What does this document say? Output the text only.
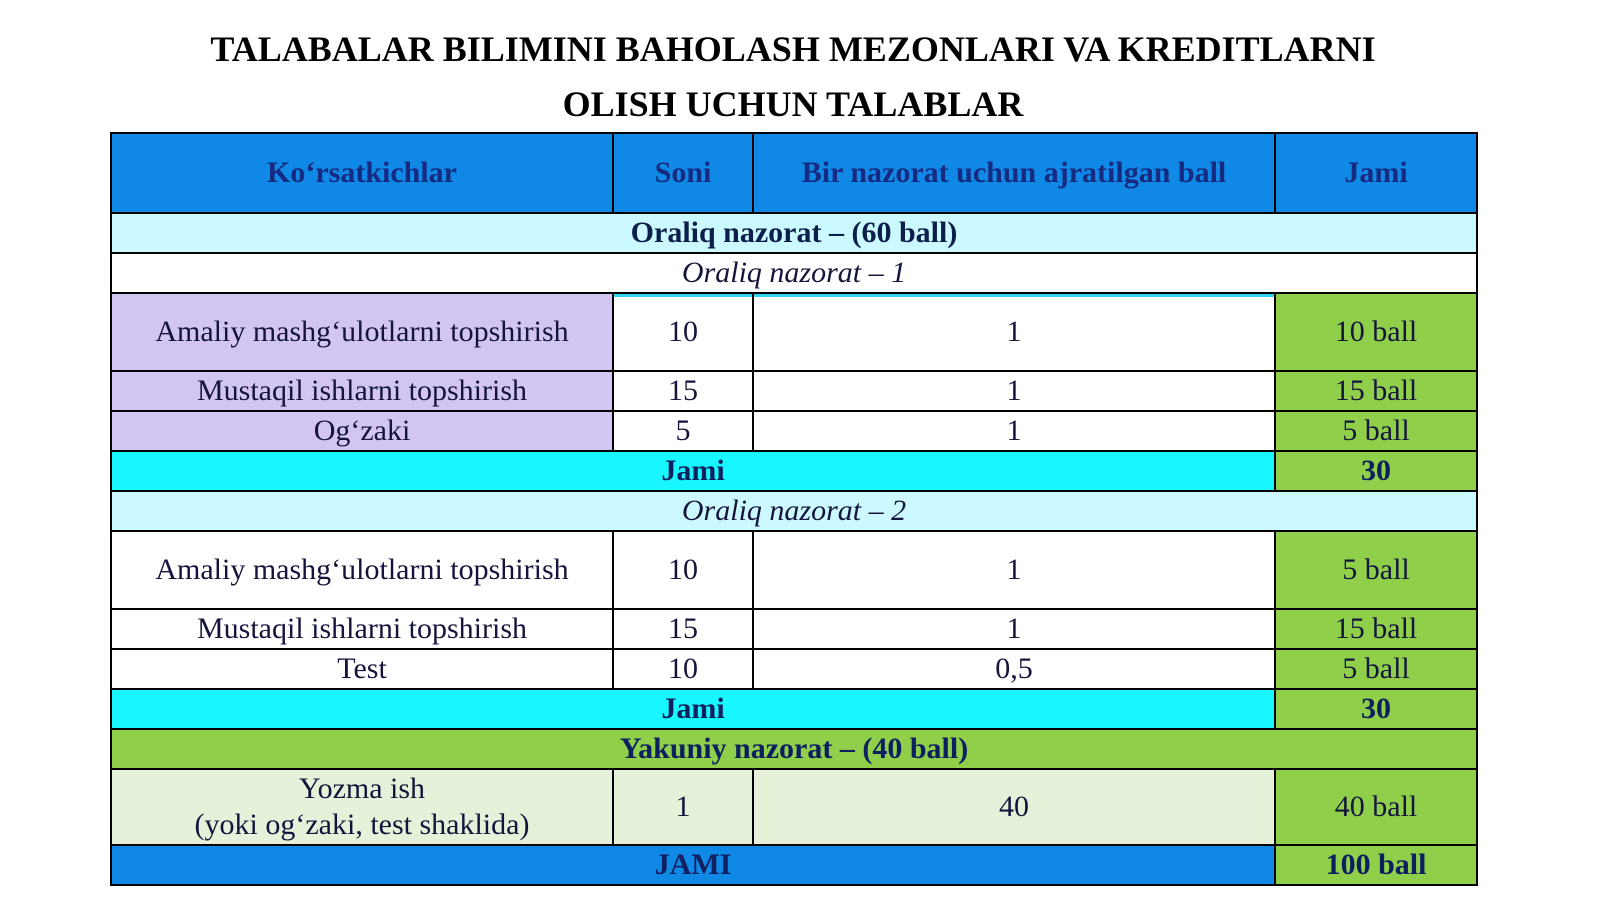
TALABALAR BILIMINI BAHOLASH MEZONLARI VA KREDITLARNI
OLISH UCHUN TALABLAR
Ko‘rsatkichlar	Soni	Bir nazorat uchun ajratilgan ball	Jami
Oraliq nazorat – (60 ball)			
Oraliq nazorat – 1			
Amaliy mashg‘ulotlarni topshirish	10	1	10 ball
Mustaqil ishlarni topshirish	15	1	15 ball
Og‘zaki	5	1	5 ball
Jami			30
Oraliq nazorat – 2			
Amaliy mashg‘ulotlarni topshirish	10	1	5 ball
Mustaqil ishlarni topshirish	15	1	15 ball
Test	10	0,5	5 ball
Jami			30
Yakuniy nazorat – (40 ball)			

Yozma ish
(yoki og‘zaki, test shaklida)	1	40	40 ball
JAMI			100 ball
